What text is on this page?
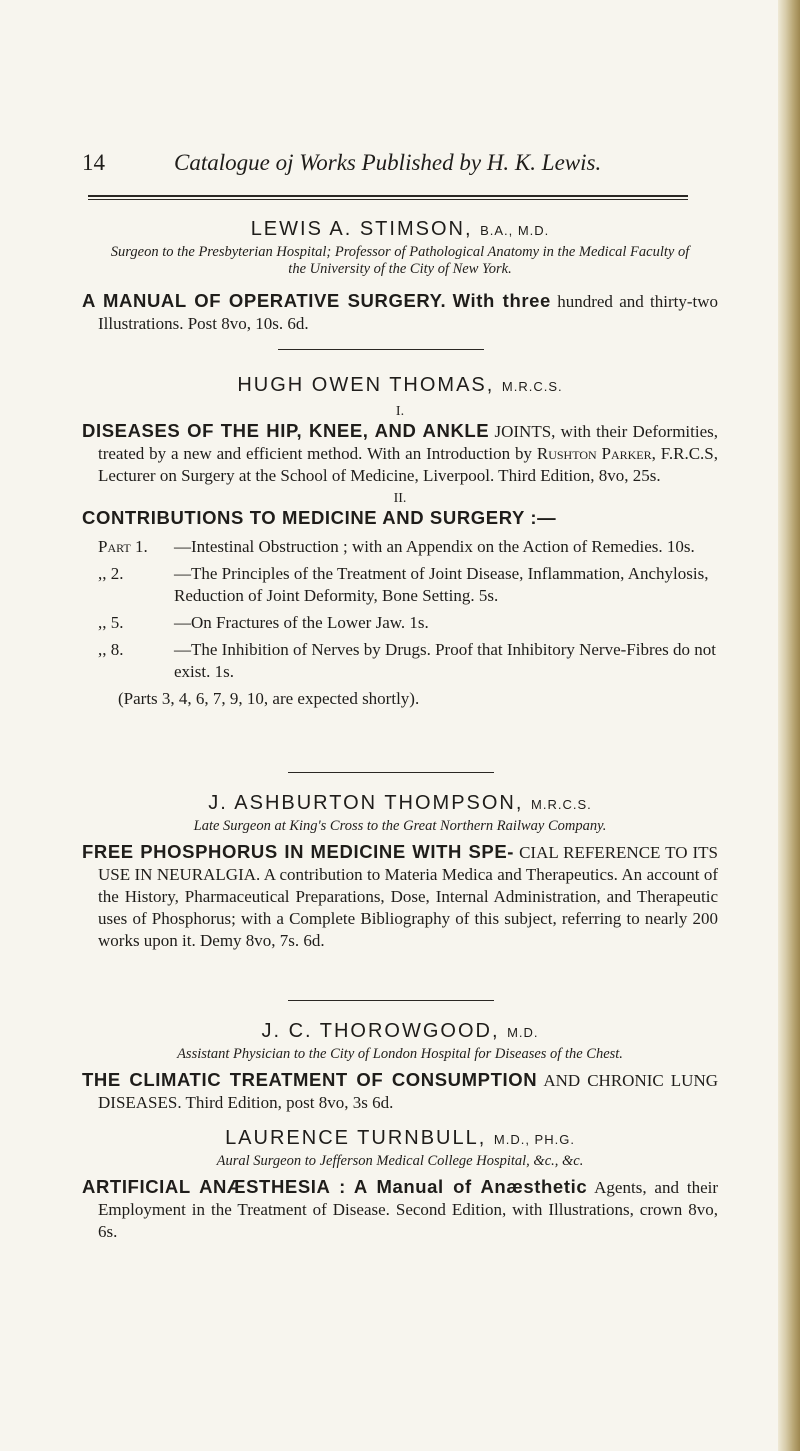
14	Catalogue oj Works Published by H. K. Lewis.

LEWIS A. STIMSON, B.A., M.D.

Surgeon to the Presbyterian Hospital; Professor of Pathological Anatomy in the Medical Faculty of the University of the City of New York.

A MANUAL OF OPERATIVE SURGERY. With three hundred and thirty-two Illustrations. Post 8vo, 10s. 6d.

HUGH OWEN THOMAS, M.R.C.S.

I.

DISEASES OF THE HIP, KNEE, AND ANKLE JOINTS, with their Deformities, treated by a new and efficient method. With an Introduction by Rushton Parker, F.R.C.S, Lecturer on Surgery at the School of Medicine, Liverpool. Third Edition, 8vo, 25s.

II.

CONTRIBUTIONS TO MEDICINE AND SURGERY :—

Part 1. —Intestinal Obstruction ; with an Appendix on the Action of Remedies. 10s.
,, 2.	—The Principles of the Treatment of Joint Disease, Inflammation, Anchylosis, Reduction of Joint Deformity, Bone Setting. 5s.
,, 5.	—On Fractures of the Lower Jaw. 1s.
,, 8.	—The Inhibition of Nerves by Drugs. Proof that Inhibitory Nerve-Fibres do not exist. 1s.

(Parts 3, 4, 6, 7, 9, 10, are expected shortly).

J. ASHBURTON THOMPSON, M.R.C.S.

Late Surgeon at King's Cross to the Great Northern Railway Company.

FREE PHOSPHORUS IN MEDICINE WITH SPE- CIAL REFERENCE TO ITS USE IN NEURALGIA. A contribution to Materia Medica and Therapeutics. An account of the History, Pharmaceutical Preparations, Dose, Internal Administration, and Therapeutic uses of Phosphorus; with a Complete Bibliography of this subject, referring to nearly 200 works upon it. Demy 8vo, 7s. 6d.

J. C. THOROWGOOD, M.D.

Assistant Physician to the City of London Hospital for Diseases of the Chest.

THE CLIMATIC TREATMENT OF CONSUMPTION AND CHRONIC LUNG DISEASES. Third Edition, post 8vo, 3s 6d.

LAURENCE TURNBULL, M.D., PH.G.

Aural Surgeon to Jefferson Medical College Hospital, &c., &c.

ARTIFICIAL ANÆSTHESIA : A Manual of Anæsthetic Agents, and their Employment in the Treatment of Disease. Second Edition, with Illustrations, crown 8vo, 6s.
